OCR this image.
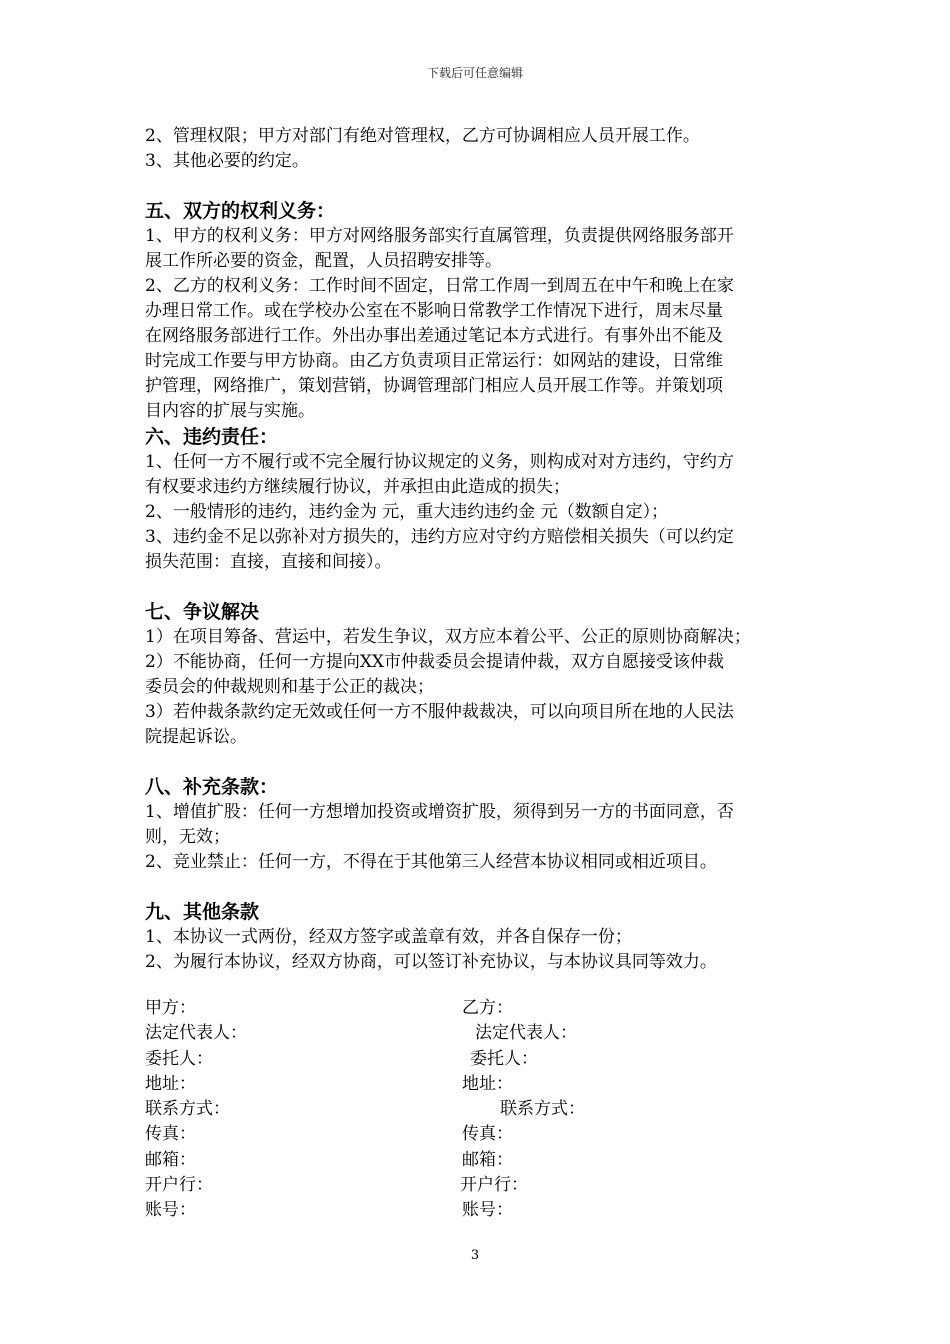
下载后可任意编辑
2、管理权限；甲方对部门有绝对管理权，乙方可协调相应人员开展工作。
3、其他必要的约定。
五、双方的权利义务：
1、甲方的权利义务：甲方对网络服务部实行直属管理，负责提供网络服务部开
展工作所必要的资金，配置，人员招聘安排等。
2、乙方的权利义务：工作时间不固定，日常工作周一到周五在中午和晚上在家
办理日常工作。或在学校办公室在不影响日常教学工作情况下进行，周末尽量
在网络服务部进行工作。外出办事出差通过笔记本方式进行。有事外出不能及
时完成工作要与甲方协商。由乙方负责项目正常运行：如网站的建设，日常维
护管理，网络推广，策划营销，协调管理部门相应人员开展工作等。并策划项
目内容的扩展与实施。
六、违约责任：
1、任何一方不履行或不完全履行协议规定的义务，则构成对对方违约，守约方
有权要求违约方继续履行协议，并承担由此造成的损失；
2、一般情形的违约，违约金为 元，重大违约违约金 元（数额自定）；
3、违约金不足以弥补对方损失的，违约方应对守约方赔偿相关损失（可以约定
损失范围：直接，直接和间接）。
七、争议解决
1）在项目筹备、营运中，若发生争议，双方应本着公平、公正的原则协商解决；
2）不能协商，任何一方提向XX市仲裁委员会提请仲裁，双方自愿接受该仲裁
委员会的仲裁规则和基于公正的裁决；
3）若仲裁条款约定无效或任何一方不服仲裁裁决，可以向项目所在地的人民法
院提起诉讼。
八、补充条款：
1、增值扩股：任何一方想增加投资或增资扩股，须得到另一方的书面同意，否
则，无效；
2、竞业禁止：任何一方，不得在于其他第三人经营本协议相同或相近项目。
九、其他条款
1、本协议一式两份，经双方签字或盖章有效，并各自保存一份；
2、为履行本协议，经双方协商，可以签订补充协议，与本协议具同等效力。
甲方：	乙方：
法定代表人：	法定代表人：
委托人：	委托人：
地址：	地址：
联系方式：	联系方式：
传真：	传真：
邮箱：	邮箱：
开户行：	开户行：
账号：	账号：
3
